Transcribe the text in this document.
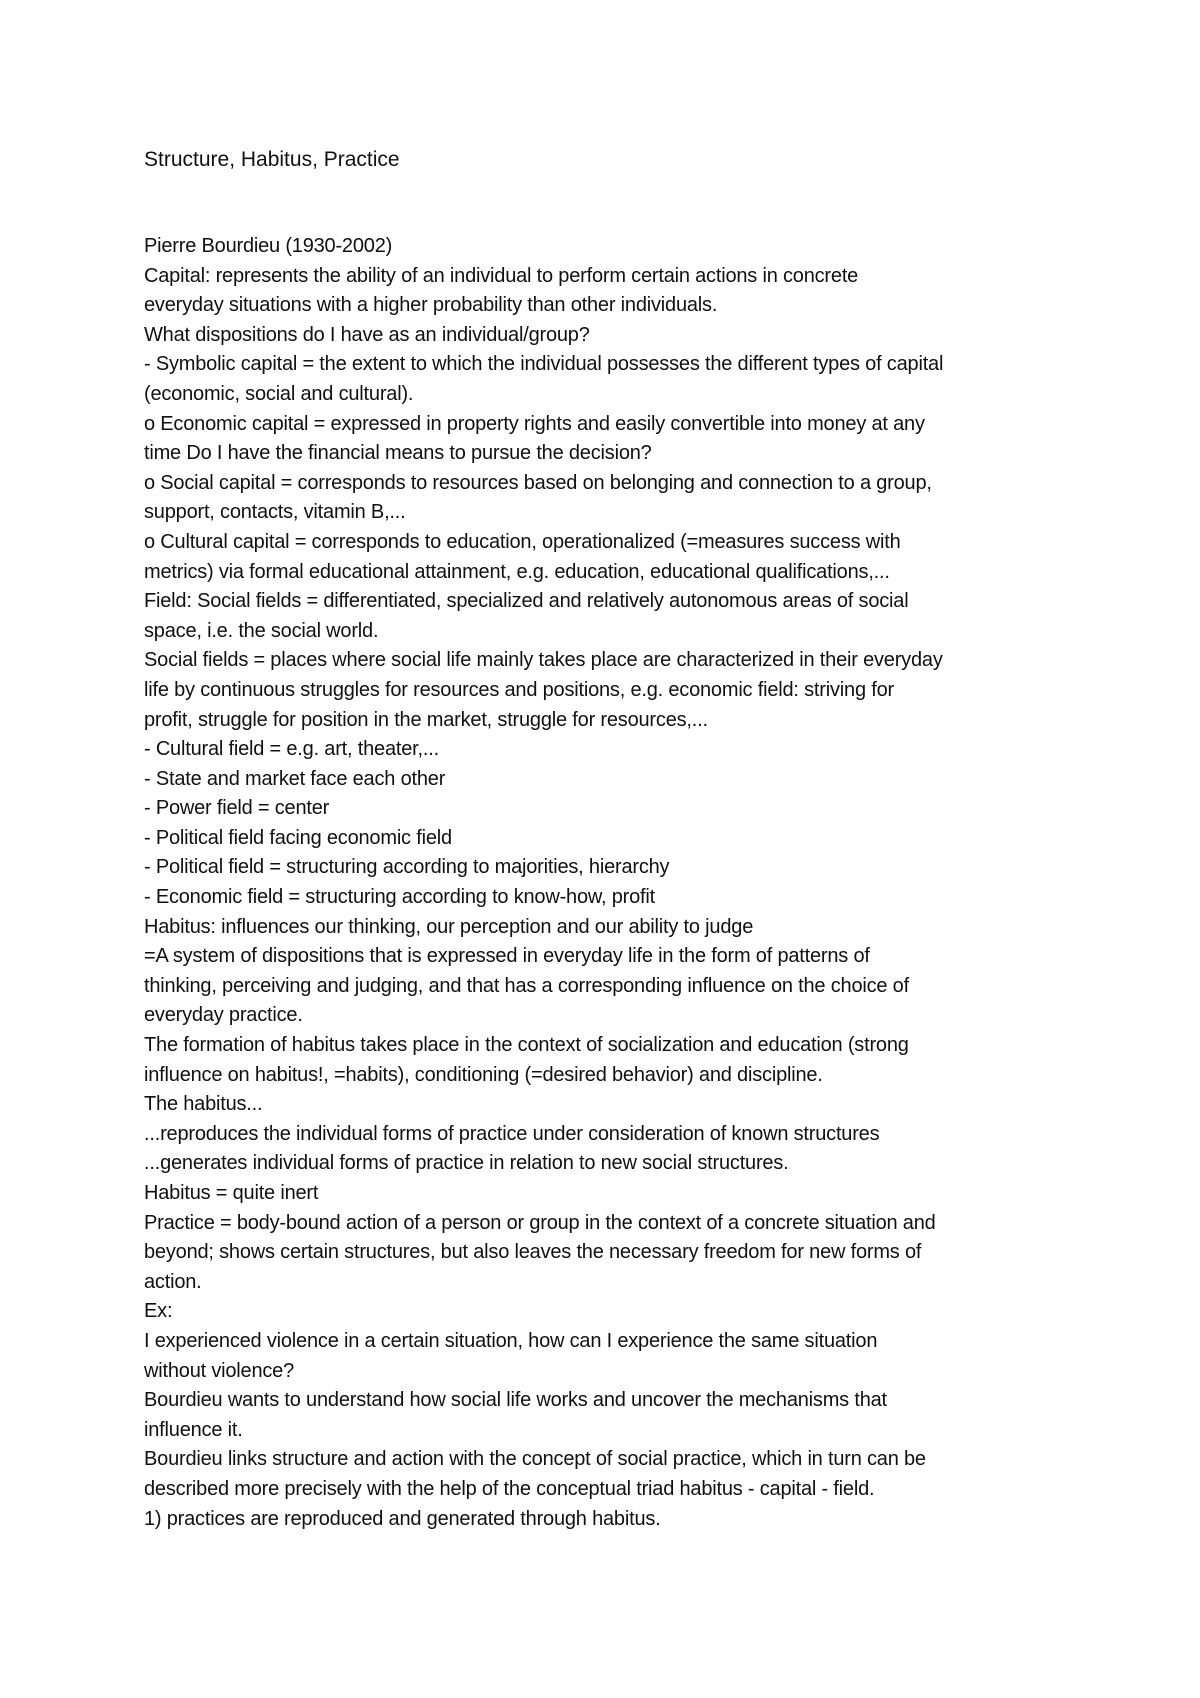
Structure, Habitus, Practice
Pierre Bourdieu (1930-2002)
Capital: represents the ability of an individual to perform certain actions in concrete
everyday situations with a higher probability than other individuals.
What dispositions do I have as an individual/group?
- Symbolic capital = the extent to which the individual possesses the different types of capital
(economic, social and cultural).
o Economic capital = expressed in property rights and easily convertible into money at any
time Do I have the financial means to pursue the decision?
o Social capital = corresponds to resources based on belonging and connection to a group,
support, contacts, vitamin B,...
o Cultural capital = corresponds to education, operationalized (=measures success with
metrics) via formal educational attainment, e.g. education, educational qualifications,...
Field: Social fields = differentiated, specialized and relatively autonomous areas of social
space, i.e. the social world.
Social fields = places where social life mainly takes place are characterized in their everyday
life by continuous struggles for resources and positions, e.g. economic field: striving for
profit, struggle for position in the market, struggle for resources,...
- Cultural field = e.g. art, theater,...
- State and market face each other
- Power field = center
- Political field facing economic field
- Political field = structuring according to majorities, hierarchy
- Economic field = structuring according to know-how, profit
Habitus: influences our thinking, our perception and our ability to judge
=A system of dispositions that is expressed in everyday life in the form of patterns of
thinking, perceiving and judging, and that has a corresponding influence on the choice of
everyday practice.
The formation of habitus takes place in the context of socialization and education (strong
influence on habitus!, =habits), conditioning (=desired behavior) and discipline.
The habitus...
...reproduces the individual forms of practice under consideration of known structures
...generates individual forms of practice in relation to new social structures.
Habitus = quite inert
Practice = body-bound action of a person or group in the context of a concrete situation and
beyond; shows certain structures, but also leaves the necessary freedom for new forms of
action.
Ex:
I experienced violence in a certain situation, how can I experience the same situation
without violence?
Bourdieu wants to understand how social life works and uncover the mechanisms that
influence it.
Bourdieu links structure and action with the concept of social practice, which in turn can be
described more precisely with the help of the conceptual triad habitus - capital - field.
1) practices are reproduced and generated through habitus.
